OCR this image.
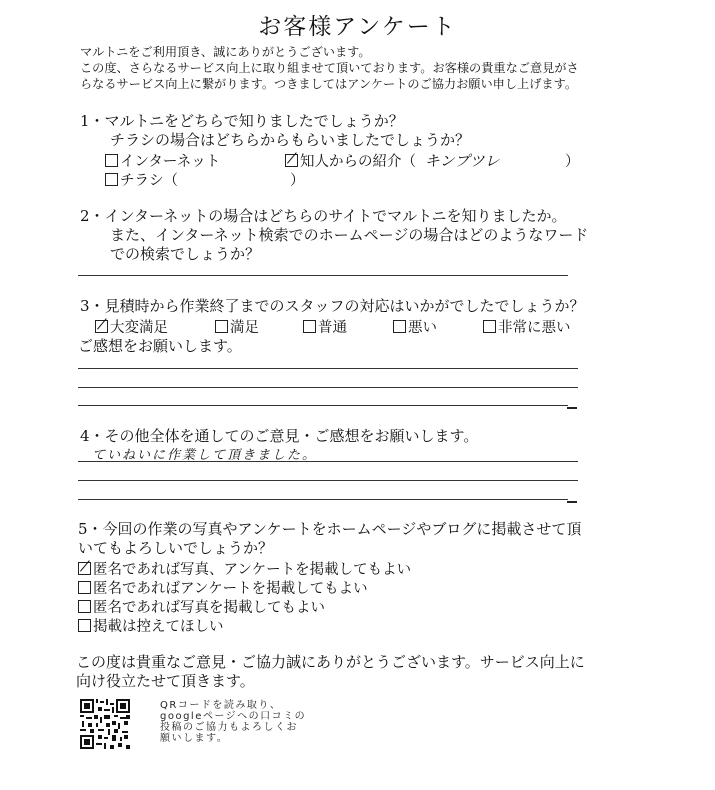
お客様アンケート
マルトニをご利用頂き、誠にありがとうございます。
この度、さらなるサービス向上に取り組ませて頂いております。お客様の貴重なご意見がさ
らなるサービス向上に繋がります。つきましてはアンケートのご協力お願い申し上げます。
1・マルトニをどちらで知りましたでしょうか？
チラシの場合はどちらからもらいましたでしょうか？
インターネット	知人からの紹介（ キンプツレ	）
チラシ（	）
2・インターネットの場合はどちらのサイトでマルトニを知りましたか。
また、インターネット検索でのホームページの場合はどのようなワード
での検索でしょうか？
3・見積時から作業終了までのスタッフの対応はいかがでしたでしょうか？
大変満足	満足	普通	悪い	非常に悪い
ご感想をお願いします。
4・その他全体を通してのご意見・ご感想をお願いします。
ていねいに作業して頂きました。
5・今回の作業の写真やアンケートをホームページやブログに掲載させて頂
いてもよろしいでしょうか？
匿名であれば写真、アンケートを掲載してもよい
匿名であればアンケートを掲載してもよい
匿名であれば写真を掲載してもよい
掲載は控えてほしい
この度は貴重なご意見・ご協力誠にありがとうございます。サービス向上に
向け役立たせて頂きます。
QRコードを読み取り、
googleページへの口コミの
投稿のご協力もよろしくお
願いします。
